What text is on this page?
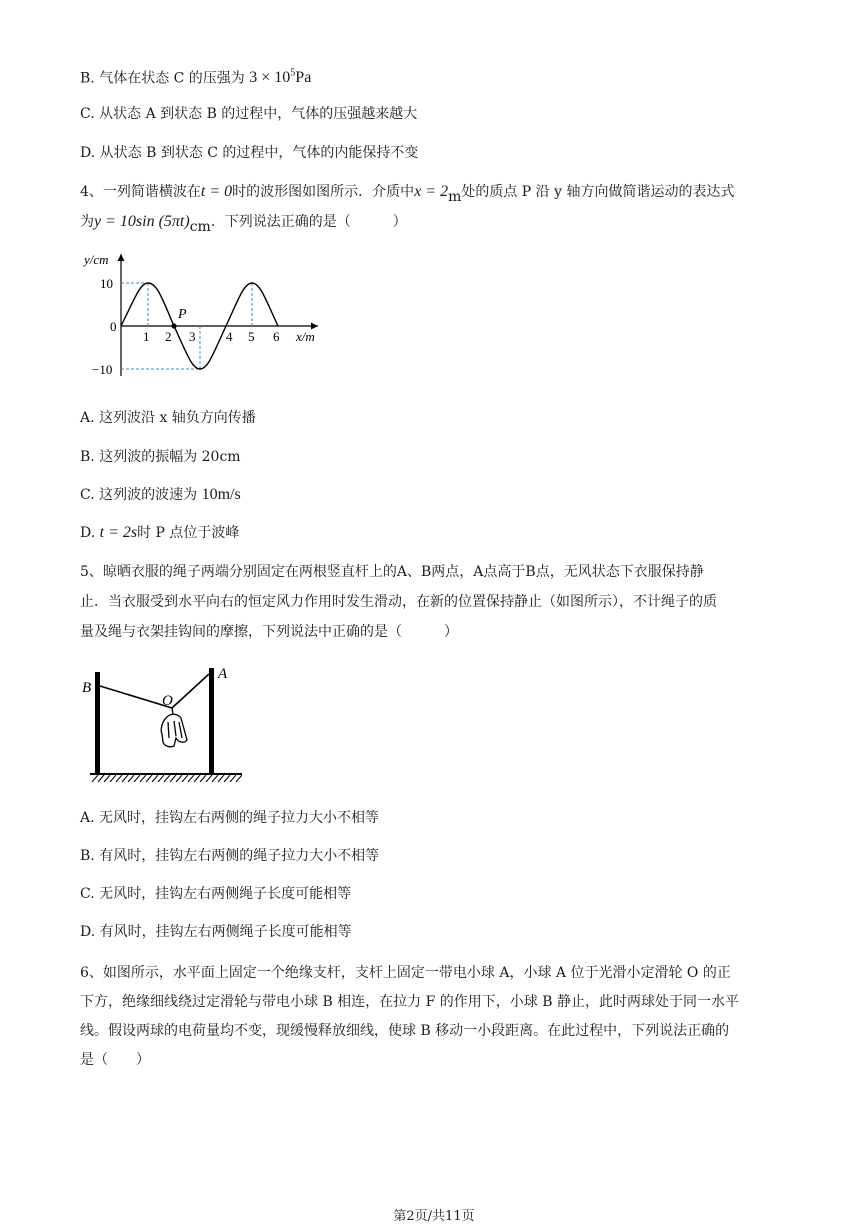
B. 气体在状态 C 的压强为 $3 \times 10^5Pa$
C. 从状态 A 到状态 B 的过程中，气体的压强越来越大
D. 从状态 B 到状态 C 的过程中，气体的内能保持不变
4、一列简谐横波在t = 0时的波形图如图所示．介质中x = 2m处的质点 P 沿 y 轴方向做简谐运动的表达式
为y = 10sin (5πt)cm．下列说法正确的是（　　　）
y/cm
10
0
−10
1 2 3 4 5 6 x/m
P
A. 这列波沿 x 轴负方向传播
B. 这列波的振幅为 20cm
C. 这列波的波速为 10m/s
D. t = 2s时 P 点位于波峰
5、晾晒衣服的绳子两端分别固定在两根竖直杆上的A、B两点，A点高于B点，无风状态下衣服保持静
止．当衣服受到水平向右的恒定风力作用时发生滑动，在新的位置保持静止（如图所示），不计绳子的质
量及绳与衣架挂钩间的摩擦，下列说法中正确的是（　　　）
B
A
O
A. 无风时，挂钩左右两侧的绳子拉力大小不相等
B. 有风时，挂钩左右两侧的绳子拉力大小不相等
C. 无风时，挂钩左右两侧绳子长度可能相等
D. 有风时，挂钩左右两侧绳子长度可能相等
6、如图所示，水平面上固定一个绝缘支杆，支杆上固定一带电小球 A，小球 A 位于光滑小定滑轮 O 的正
下方，绝缘细线绕过定滑轮与带电小球 B 相连，在拉力 F 的作用下，小球 B 静止，此时两球处于同一水平
线。假设两球的电荷量均不变，现缓慢释放细线，使球 B 移动一小段距离。在此过程中，下列说法正确的
是（　　）
第2页/共11页
